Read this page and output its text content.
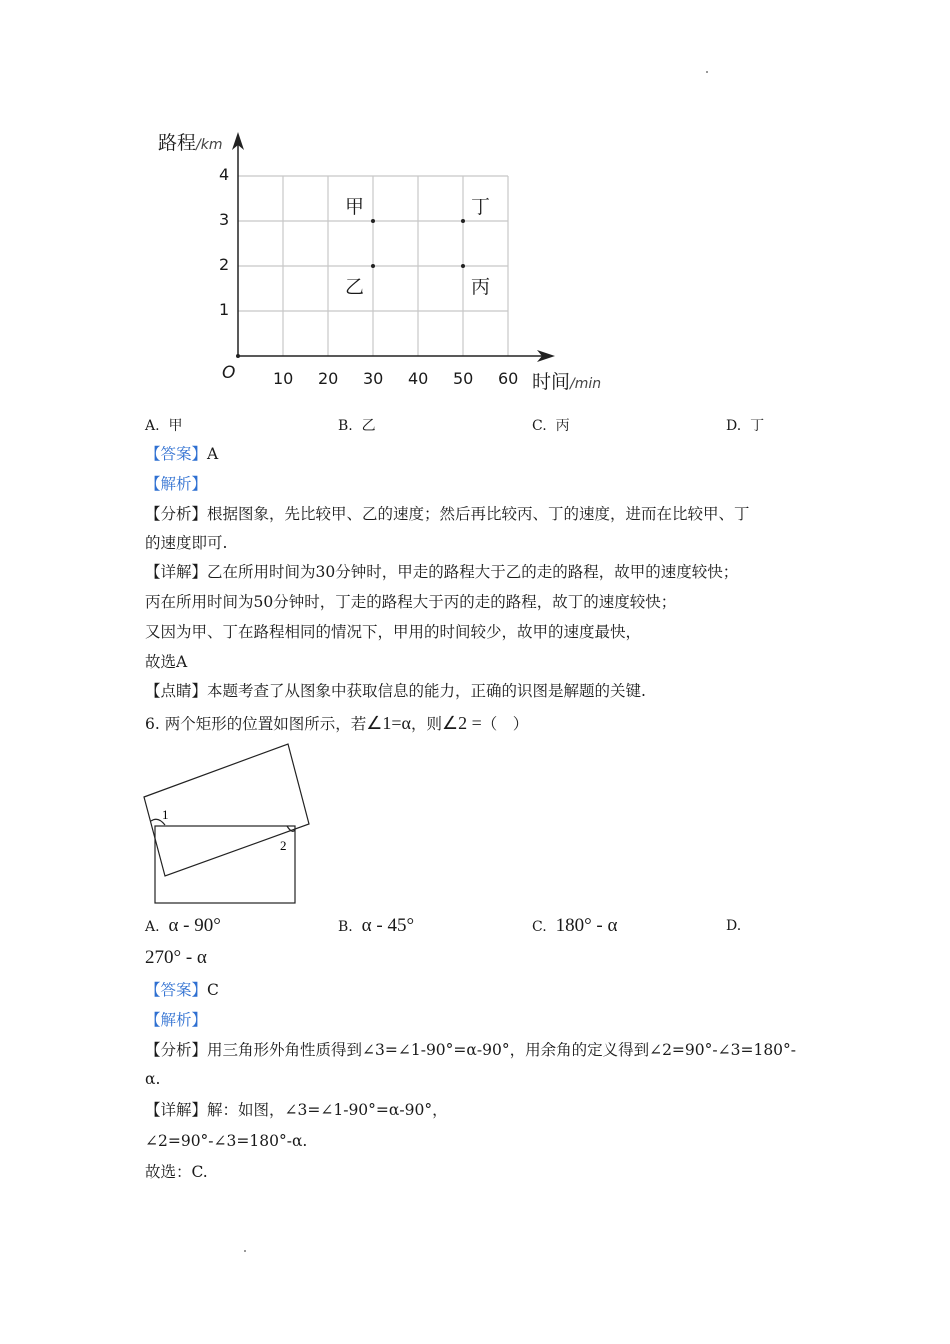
路程/km
时间/min
O
4
3
2
1
10 20 30 40 50 60
甲
乙
丁
丙
A. 甲	B. 乙	C. 丙	D. 丁
【答案】A
【解析】
【分析】根据图象，先比较甲、乙的速度；然后再比较丙、丁的速度，进而在比较甲、丁
的速度即可.
【详解】乙在所用时间为30分钟时，甲走的路程大于乙的走的路程，故甲的速度较快；
丙在所用时间为50分钟时，丁走的路程大于丙的走的路程，故丁的速度较快；
又因为甲、丁在路程相同的情况下，甲用的时间较少，故甲的速度最快，
故选A
【点睛】本题考查了从图象中获取信息的能力，正确的识图是解题的关键.
6. 两个矩形的位置如图所示，若∠1=α，则∠2 =（　）
1
2
A. α - 90°	B. α - 45°	C. 180° - α	D.
270° - α
【答案】C
【解析】
【分析】用三角形外角性质得到∠3=∠1-90°=α-90°，用余角的定义得到∠2=90°-∠3=180°-
α.
【详解】解：如图，∠3=∠1-90°=α-90°，
∠2=90°-∠3=180°-α.
故选：C.
